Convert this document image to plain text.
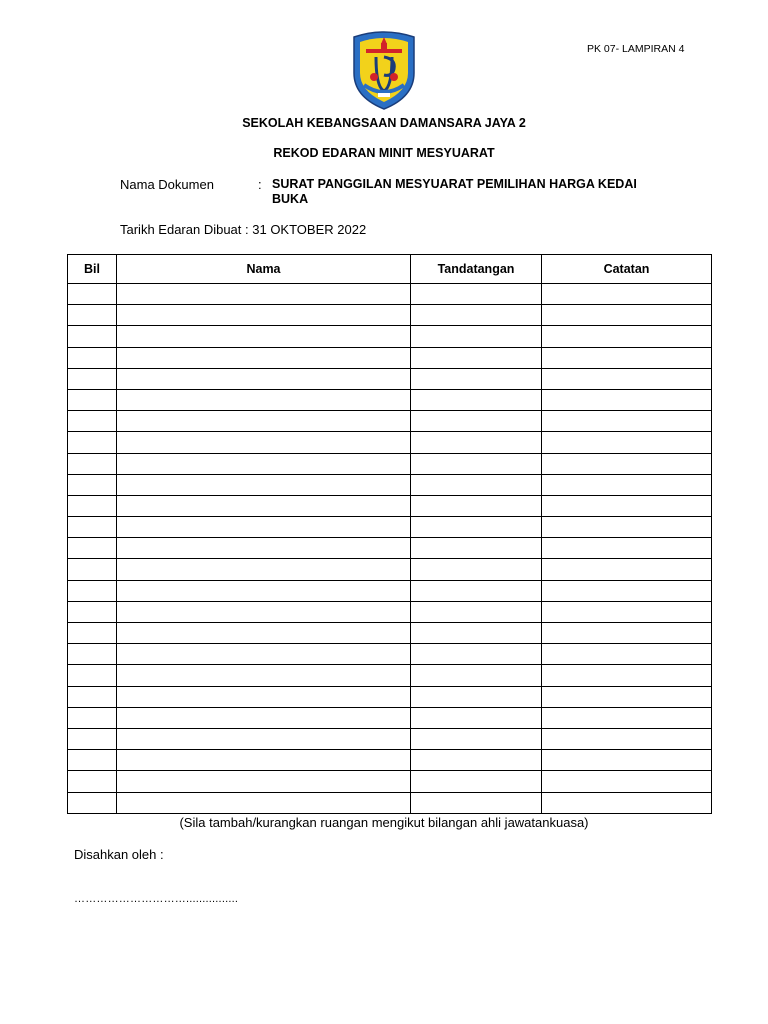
PK 07- LAMPIRAN 4
SEKOLAH KEBANGSAAN DAMANSARA JAYA 2
REKOD EDARAN MINIT MESYUARAT
Nama Dokumen	: SURAT PANGGILAN MESYUARAT PEMILIHAN HARGA KEDAI BUKA
Tarikh Edaran Dibuat : 31 OKTOBER 2022
Bil	Nama	Tandatangan	Catatan

(Sila tambah/kurangkan ruangan mengikut bilangan ahli jawatankuasa)
Disahkan oleh :
…………………………................
